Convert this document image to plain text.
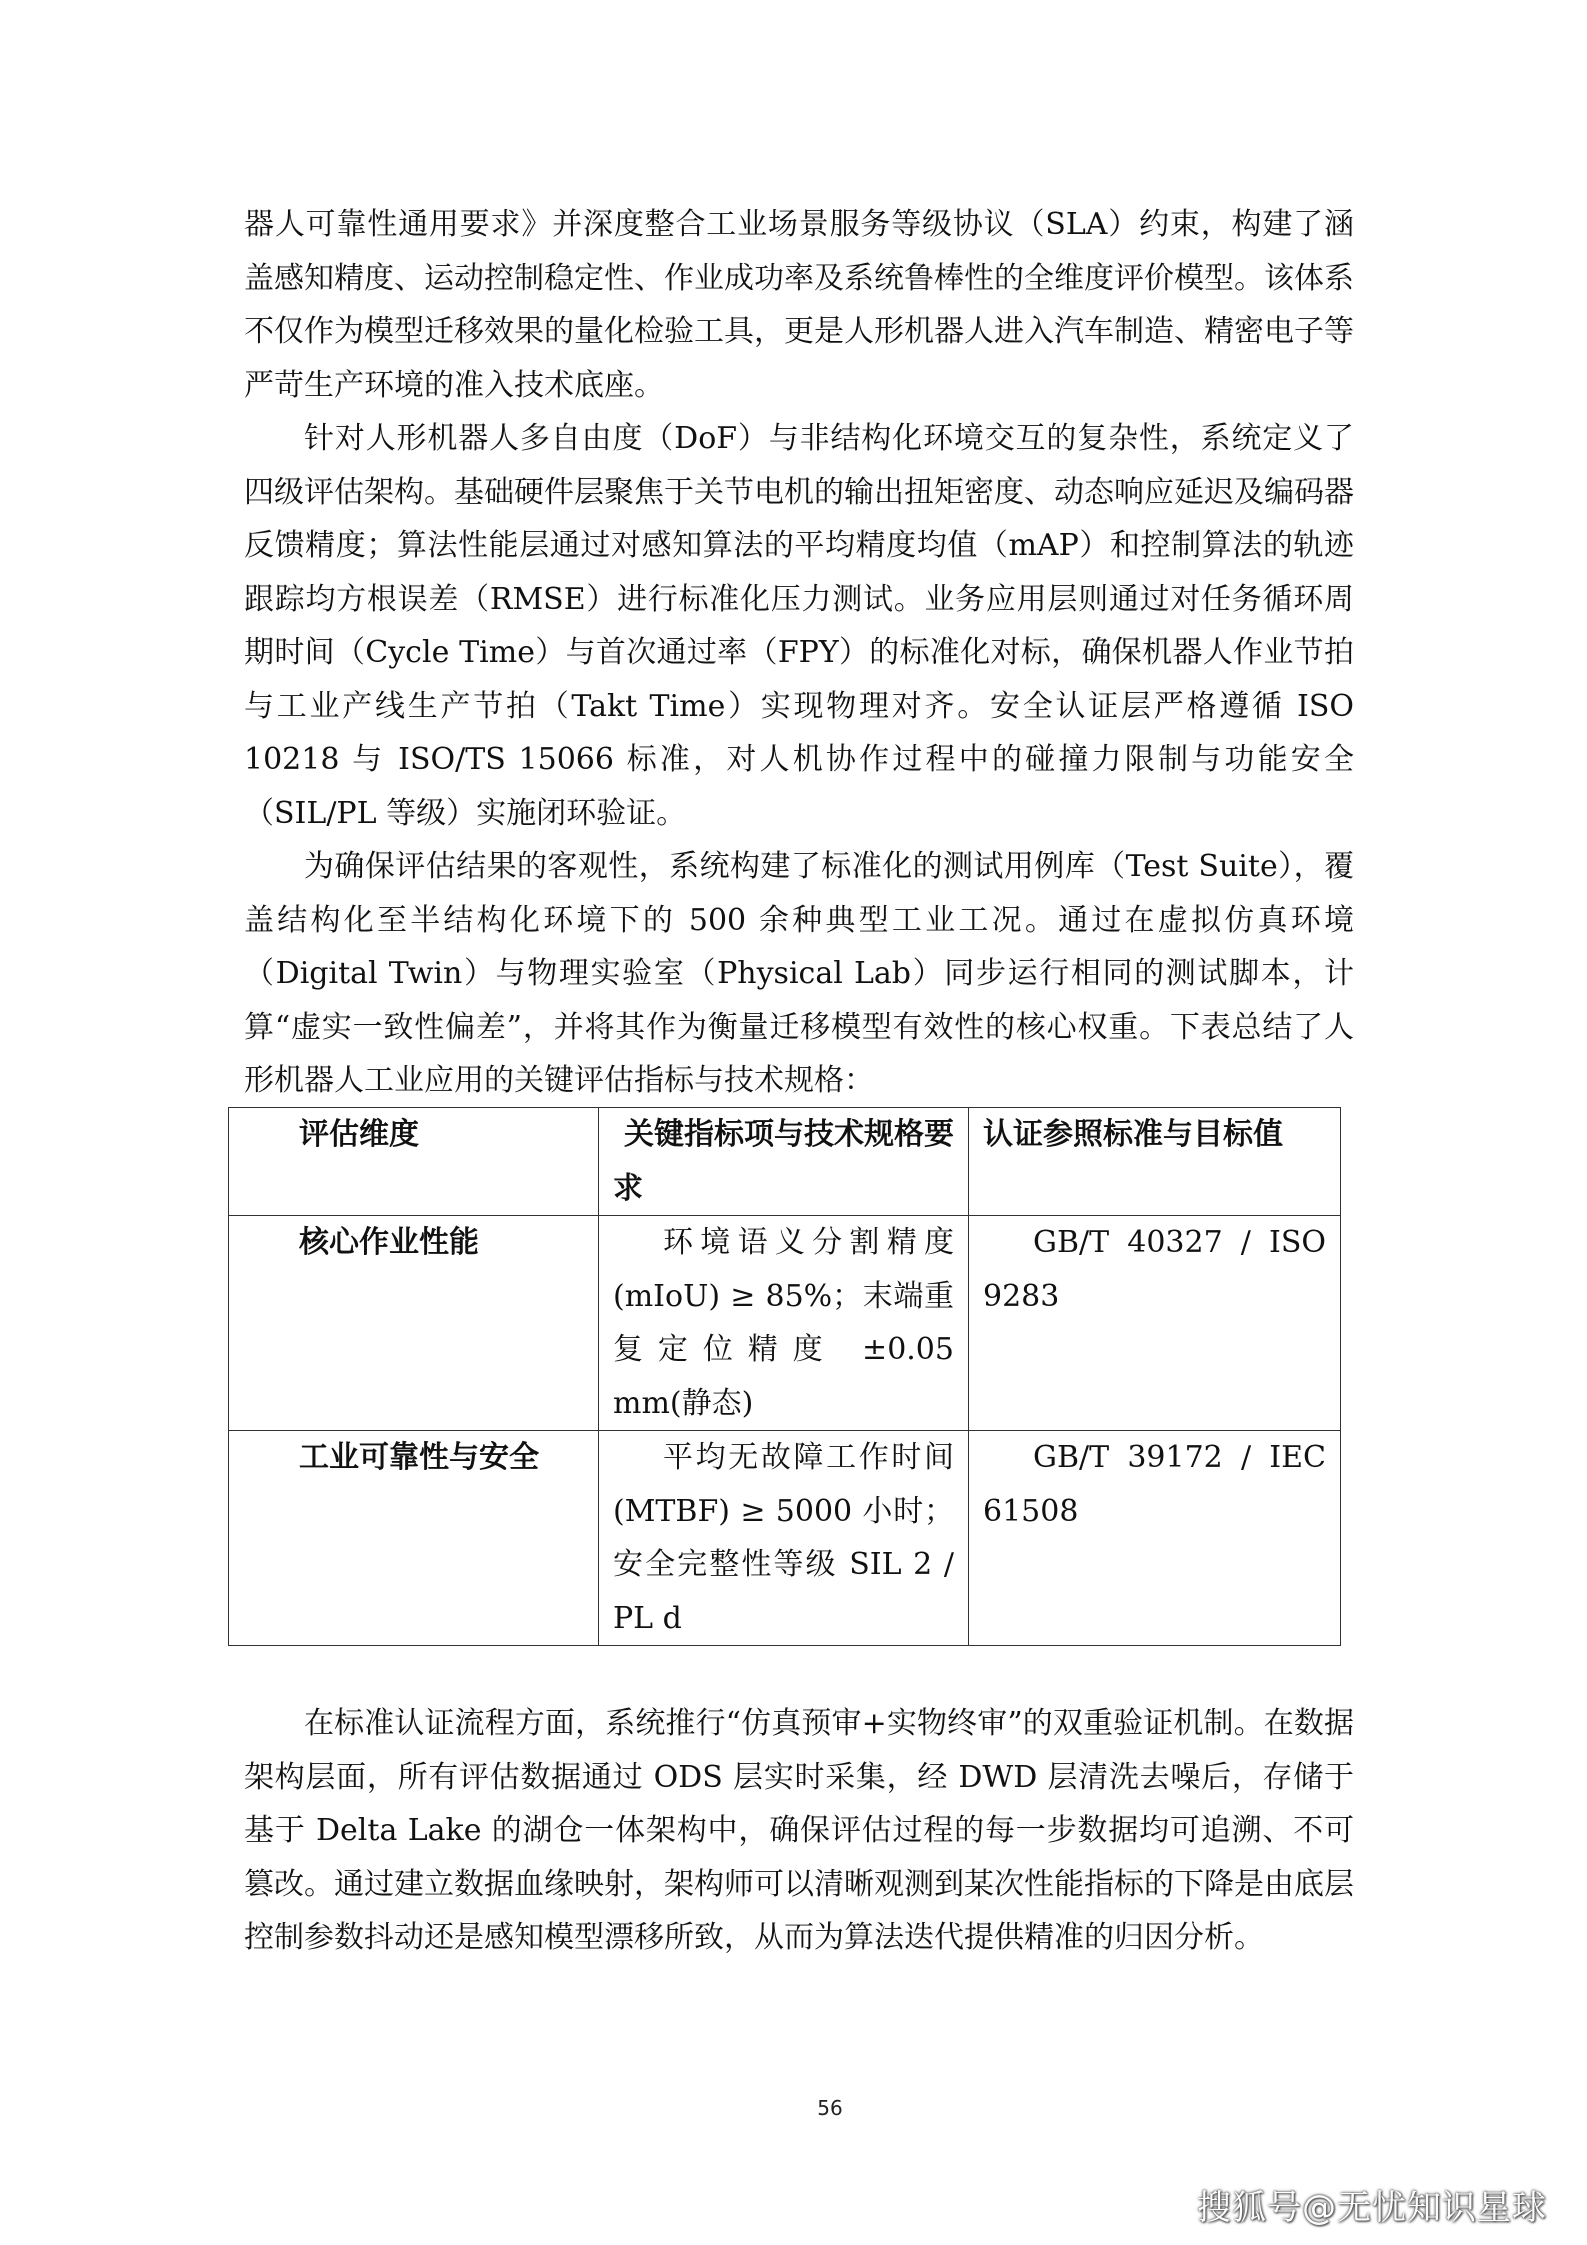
器人可靠性通用要求》并深度整合工业场景服务等级协议（SLA）约束，构建了涵盖感知精度、运动控制稳定性、作业成功率及系统鲁棒性的全维度评价模型。该体系不仅作为模型迁移效果的量化检验工具，更是人形机器人进入汽车制造、精密电子等严苛生产环境的准入技术底座。

针对人形机器人多自由度（DoF）与非结构化环境交互的复杂性，系统定义了四级评估架构。基础硬件层聚焦于关节电机的输出扭矩密度、动态响应延迟及编码器反馈精度；算法性能层通过对感知算法的平均精度均值（mAP）和控制算法的轨迹跟踪均方根误差（RMSE）进行标准化压力测试。业务应用层则通过对任务循环周期时间（Cycle Time）与首次通过率（FPY）的标准化对标，确保机器人作业节拍与工业产线生产节拍（Takt Time）实现物理对齐。安全认证层严格遵循 ISO 10218 与 ISO/TS 15066 标准，对人机协作过程中的碰撞力限制与功能安全（SIL/PL 等级）实施闭环验证。

为确保评估结果的客观性，系统构建了标准化的测试用例库（Test Suite），覆盖结构化至半结构化环境下的 500 余种典型工业工况。通过在虚拟仿真环境（Digital Twin）与物理实验室（Physical Lab）同步运行相同的测试脚本，计算“虚实一致性偏差”，并将其作为衡量迁移模型有效性的核心权重。下表总结了人形机器人工业应用的关键评估指标与技术规格：

评估维度	关键指标项与技术规格要求	认证参照标准与目标值
核心作业性能	环境语义分割精度(mIoU) ≥ 85%；末端重复定位精度 ±0.05 mm(静态)	GB/T 40327 / ISO 9283
工业可靠性与安全	平均无故障工作时间 (MTBF) ≥ 5000 小时；安全完整性等级 SIL 2 / PL d	GB/T 39172 / IEC 61508

在标准认证流程方面，系统推行“仿真预审+实物终审”的双重验证机制。在数据架构层面，所有评估数据通过 ODS 层实时采集，经 DWD 层清洗去噪后，存储于基于 Delta Lake 的湖仓一体架构中，确保评估过程的每一步数据均可追溯、不可篡改。通过建立数据血缘映射，架构师可以清晰观测到某次性能指标的下降是由底层控制参数抖动还是感知模型漂移所致，从而为算法迭代提供精准的归因分析。

56
搜狐号@无忧知识星球
